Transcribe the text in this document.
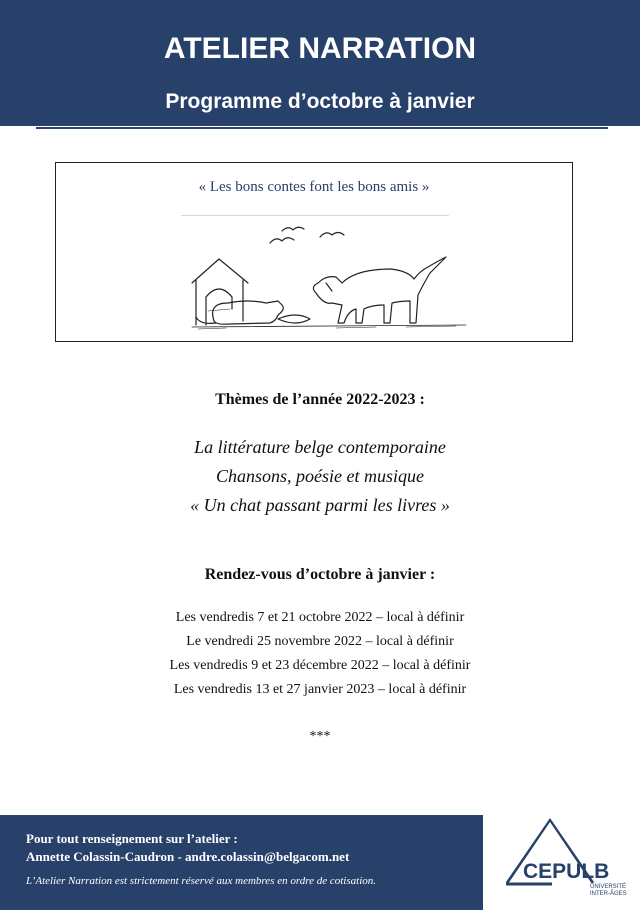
ATELIER NARRATION
Programme d’octobre à janvier
« Les bons contes font les bons amis »
Thèmes de l’année 2022-2023 :
La littérature belge contemporaine
Chansons, poésie et musique
« Un chat passant parmi les livres »
Rendez-vous d’octobre à janvier :
Les vendredis 7 et 21 octobre 2022 – local à définir
Le vendredi 25 novembre 2022 – local à définir
Les vendredis 9 et 23 décembre 2022 – local à définir
Les vendredis 13 et 27 janvier 2023 – local à définir
***
Pour tout renseignement sur l’atelier :
Annette Colassin-Caudron - andre.colassin@belgacom.net
L’Atelier Narration est strictement réservé aux membres en ordre de cotisation.	CEPULB
UNIVERSITÉ
INTER-ÂGES
